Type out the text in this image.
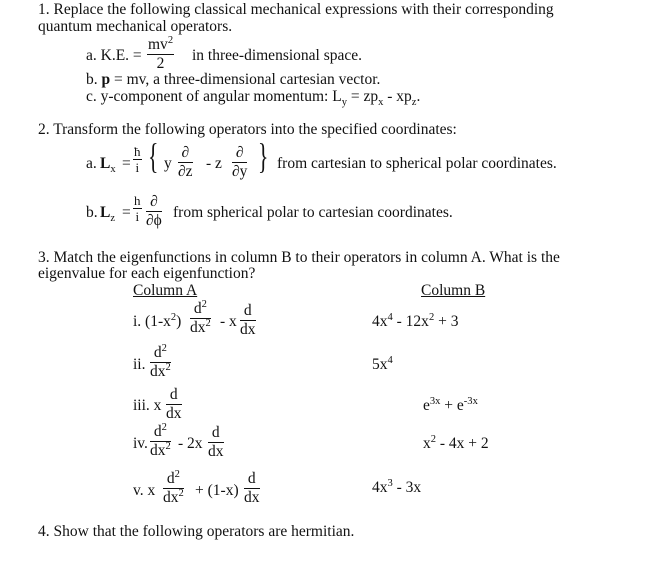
1. Replace the following classical mechanical expressions with their corresponding
quantum mechanical operators.
a. K.E. = $\frac{mv^2}{2}$ in three-dimensional space.
b. p = mv, a three-dimensional cartesian vector.
c. y-component of angular momentum: $L_y = zp_x - xp_z$.
2. Transform the following operators into the specified coordinates:
a. $L_x = \frac{ħ}{i}$ { y
∂
∂z - z
∂
∂y } from cartesian to spherical polar coordinates.
b. $L_z = \frac{h}{i}$ ∂
∂ϕ from spherical polar to cartesian coordinates.
3. Match the eigenfunctions in column B to their operators in column A. What is the
eigenvalue for each eigenfunction?
Column A	Column B
i. $(1-x^2) \frac{d^2}{dx^2}$ - x $\frac{d}{dx}$
ii. $\frac{d^2}{dx^2}$
iii. x $\frac{d}{dx}$
iv. $\frac{d^2}{dx^2} - 2x \frac{d}{dx}$
v. x $\frac{d^2}{dx^2} + (1-x) \frac{d}{dx}$
$4x^4 - 12x^2 + 3$
$5x^4$
$e^{3x} + e^{-3x}$
$x^2 - 4x + 2$
$4x^3 - 3x$
4. Show that the following operators are hermitian.
